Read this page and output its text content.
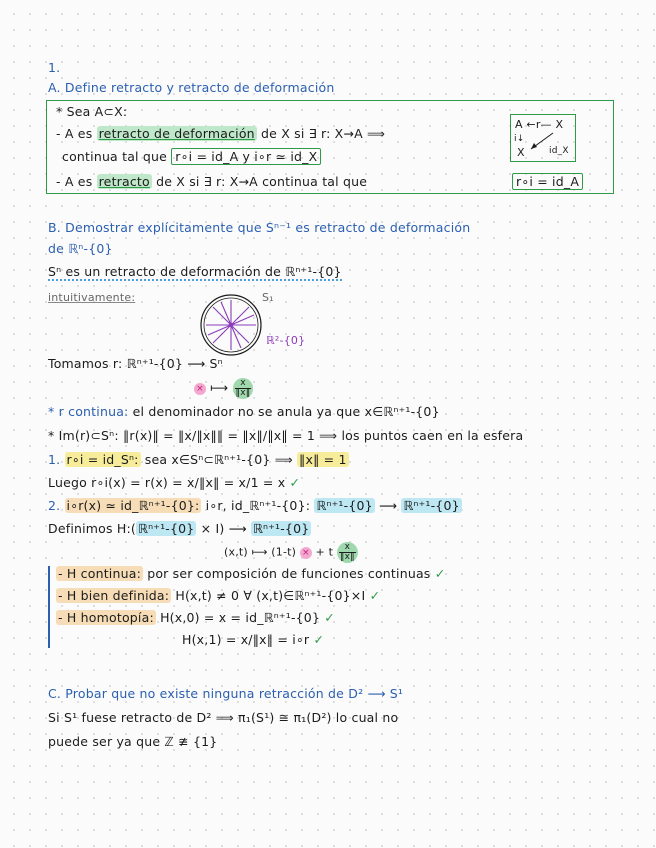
1.
A. Define retracto y retracto de deformación
* Sea A⊂X:
- A es retracto de deformación de X si ∃ r: X→A ⟹
continua tal que r∘i = id_A y i∘r ≃ id_X
- A es retracto de X si ∃ r: X→A continua tal que	r∘i = id_A
A ←r— X
i↓
X	id_X
B. Demostrar explícitamente que Sⁿ⁻¹ es retracto de deformación
de ℝⁿ-{0}
Sⁿ es un retracto de deformación de ℝⁿ⁺¹-{0}
intuitivamente:	S₁
ℝ²-{0}
Tomamos r: ℝⁿ⁺¹-{0} ⟶ Sⁿ
× ⟼ $\frac{x}{‖x‖}$
* r continua: el denominador no se anula ya que x∈ℝⁿ⁺¹-{0}
* Im(r)⊂Sⁿ: ‖r(x)‖ = ‖x/‖x‖‖ = ‖x‖/‖x‖ = 1 ⟹ los puntos caen en la esfera
1. r∘i = id_Sⁿ: sea x∈Sⁿ⊂ℝⁿ⁺¹-{0} ⟹ ‖x‖ = 1
Luego r∘i(x) = r(x) = x/‖x‖ = x/1 = x ✓
2. i∘r(x) ≃ id_ℝⁿ⁺¹-{0}: i∘r, id_ℝⁿ⁺¹-{0}: ℝⁿ⁺¹-{0} ⟶ ℝⁿ⁺¹-{0}
Definimos H:( ℝⁿ⁺¹-{0} × I) ⟶ ℝⁿ⁺¹-{0}
(x,t) ⟼ (1-t) × + t $\frac{x}{‖x‖}$
- H continua: por ser composición de funciones continuas ✓
- H bien definida: H(x,t) ≠ 0 ∀ (x,t)∈ℝⁿ⁺¹-{0}×I ✓
- H homotopía: H(x,0) = x = id_ℝⁿ⁺¹-{0} ✓
H(x,1) = x/‖x‖ = i∘r ✓
C. Probar que no existe ninguna retracción de D² ⟶ S¹
Si S¹ fuese retracto de D² ⟹ π₁(S¹) ≅ π₁(D²) lo cual no
puede ser ya que ℤ ≇ {1}
